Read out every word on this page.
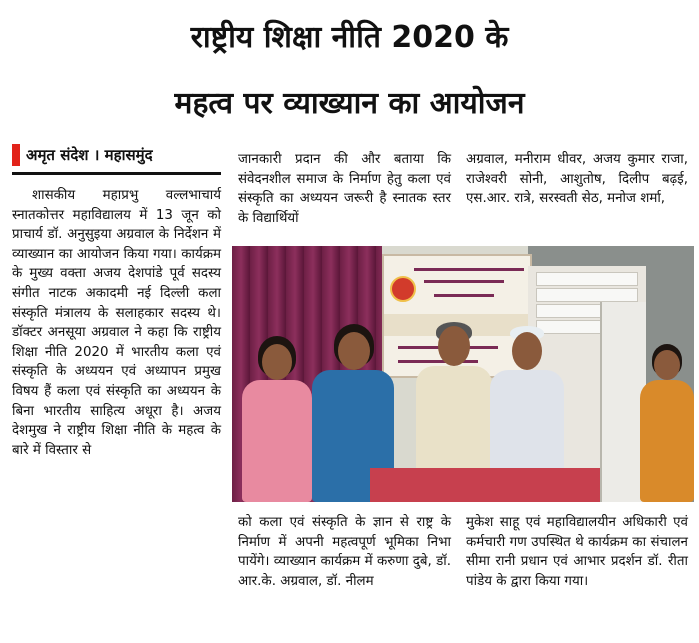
राष्ट्रीय शिक्षा नीति 2020 के
महत्व पर व्याख्यान का आयोजन
अमृत संदेश । महासमुंद

शासकीय महाप्रभु वल्लभाचार्य स्नातकोत्तर महाविद्यालय में 13 जून को प्राचार्य डॉ. अनुसुइया अग्रवाल के निर्देशन में व्याख्यान का आयोजन किया गया। कार्यक्रम के मुख्य वक्ता अजय देशपांडे पूर्व सदस्य संगीत नाटक अकादमी नई दिल्ली कला संस्कृति मंत्रालय के सलाहकार सदस्य थे। डॉक्टर अनसूया अग्रवाल ने कहा कि राष्ट्रीय शिक्षा नीति 2020 में भारतीय कला एवं संस्कृति के अध्ययन एवं अध्यापन प्रमुख विषय हैं कला एवं संस्कृति का अध्ययन के बिना भारतीय साहित्य अधूरा है। अजय देशमुख ने राष्ट्रीय शिक्षा नीति के महत्व के बारे में विस्तार से

जानकारी प्रदान की और बताया कि संवेदनशील समाज के निर्माण हेतु कला एवं संस्कृति का अध्ययन जरूरी है स्नातक स्तर के विद्यार्थियों

अग्रवाल, मनीराम धीवर, अजय कुमार राजा, राजेश्वरी सोनी, आशुतोष, दिलीप बढ़ई, एस.आर. रात्रे, सरस्वती सेठ, मनोज शर्मा,

को कला एवं संस्कृति के ज्ञान से राष्ट्र के निर्माण में अपनी महत्वपूर्ण भूमिका निभा पायेंगे। व्याख्यान कार्यक्रम में करुणा दुबे, डॉ. आर.के. अग्रवाल, डॉ. नीलम

मुकेश साहू एवं महाविद्यालयीन अधिकारी एवं कर्मचारी गण उपस्थित थे कार्यक्रम का संचालन सीमा रानी प्रधान एवं आभार प्रदर्शन डॉ. रीता पांडेय के द्वारा किया गया।
